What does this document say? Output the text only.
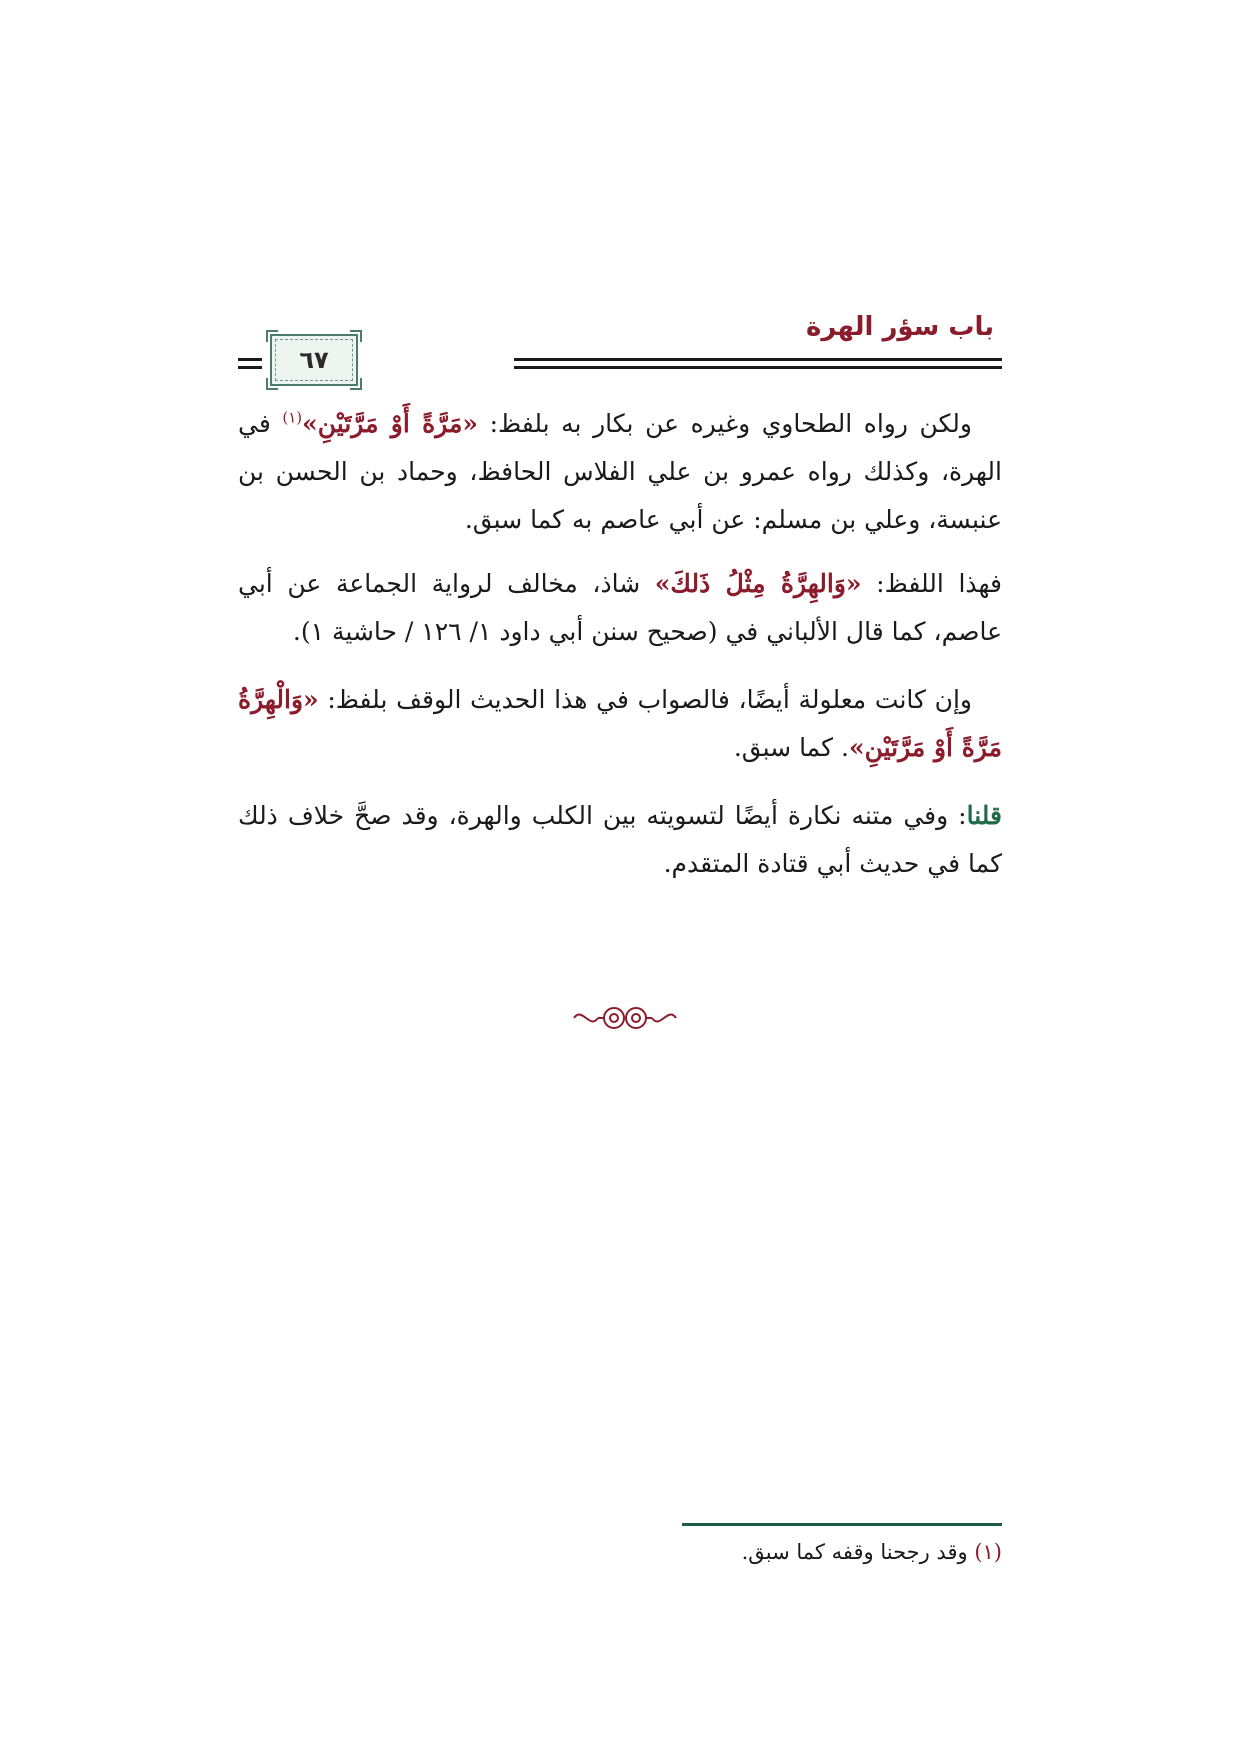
باب سؤر الهرة
٦٧

ولكن رواه الطحاوي وغيره عن بكار به بلفظ: «مَرَّةً أَوْ مَرَّتَيْنِ»$^{(١)}$ في الهرة، وكذلك رواه عمرو بن علي الفلاس الحافظ، وحماد بن الحسن بن عنبسة، وعلي بن مسلم: عن أبي عاصم به كما سبق.

فهذا اللفظ: «وَالهِرَّةُ مِثْلُ ذَلكَ» شاذ، مخالف لرواية الجماعة عن أبي عاصم، كما قال الألباني في (صحيح سنن أبي داود ١/ ١٢٦ / حاشية ١).

وإن كانت معلولة أيضًا، فالصواب في هذا الحديث الوقف بلفظ: «وَالْهِرَّةُ مَرَّةً أَوْ مَرَّتَيْنِ». كما سبق.

قلنا: وفي متنه نكارة أيضًا لتسويته بين الكلب والهرة، وقد صحَّ خلاف ذلك كما في حديث أبي قتادة المتقدم.

(١) وقد رجحنا وقفه كما سبق.
